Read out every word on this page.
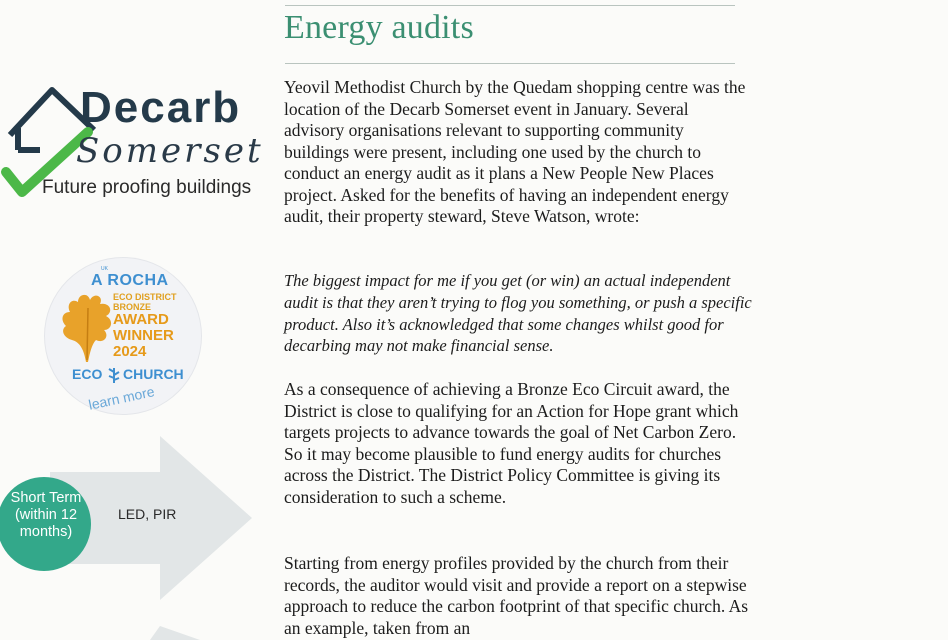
Energy audits

Yeovil Methodist Church by the Quedam shopping centre was the location of the Decarb Somerset event in January. Several advisory organisations relevant to supporting community buildings were present, including one used by the church to conduct an energy audit as it plans a New People New Places project. Asked for the benefits of having an independent energy audit, their property steward, Steve Watson, wrote:

The biggest impact for me if you get (or win) an actual independent audit is that they aren’t trying to flog you something, or push a specific product. Also it’s acknowledged that some changes whilst good for decarbing may not make financial sense.

As a consequence of achieving a Bronze Eco Circuit award, the District is close to qualifying for an Action for Hope grant which targets projects to advance towards the goal of Net Carbon Zero. So it may become plausible to fund energy audits for churches across the District. The District Policy Committee is giving its consideration to such a scheme.

Starting from energy profiles provided by the church from their records, the auditor would visit and provide a report on a stepwise approach to reduce the carbon footprint of that specific church. As an example, taken from an

Decarb

Somerset

Future proofing buildings

UK

A ROCHA

ECO DISTRICT

BRONZE

AWARD

WINNER

2024

ECO CHURCH

learn more

Short Term (within 12 months)

LED, PIR
